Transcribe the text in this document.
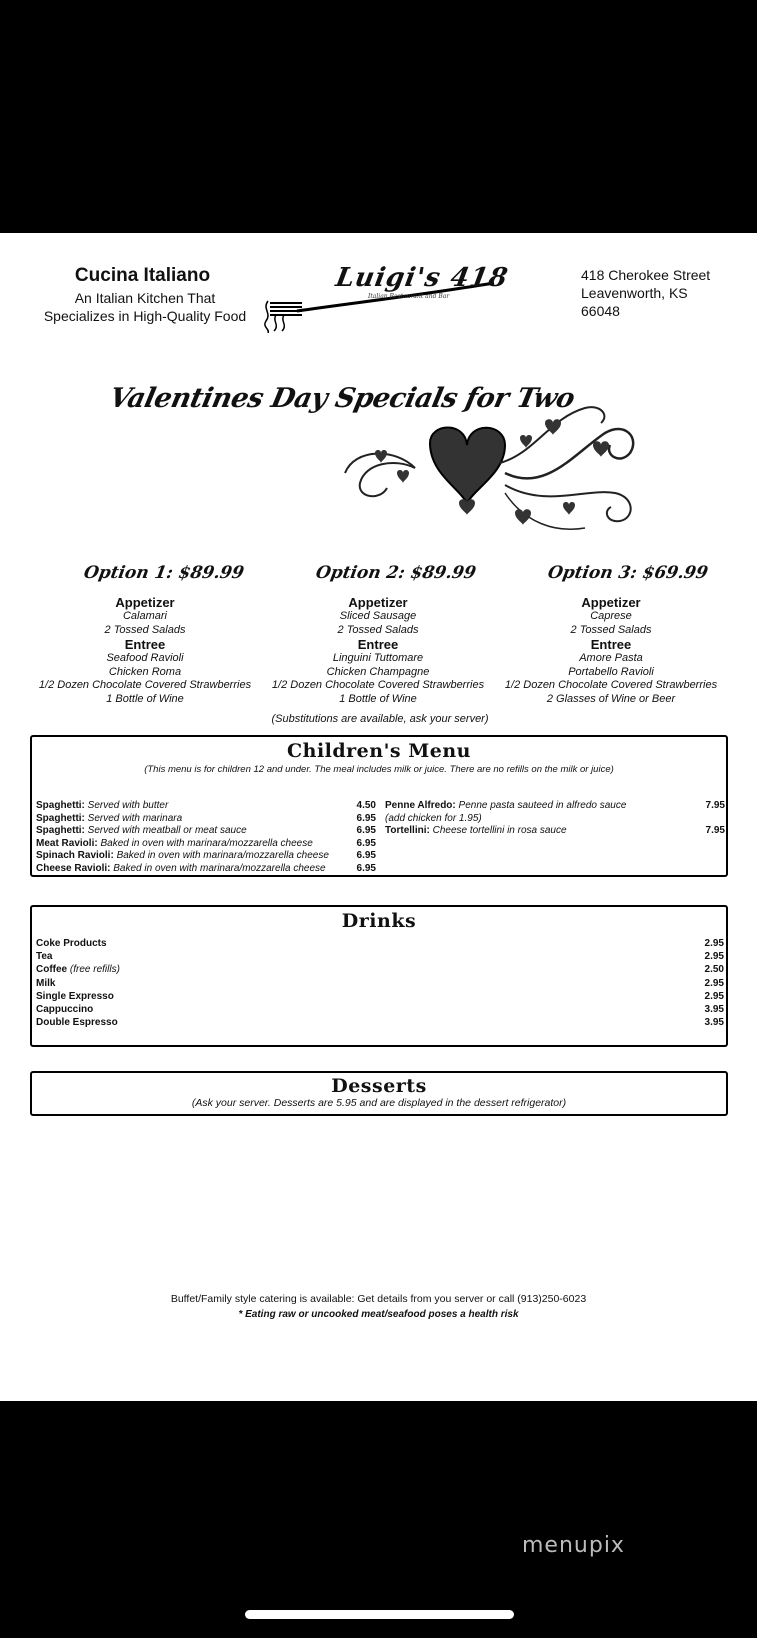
Cucina Italiano
An Italian Kitchen That
Specializes in High-Quality Food
Luigi's 418
Italian Restaurant and Bar
418 Cherokee Street
Leavenworth, KS
66048
Valentines Day Specials for Two
Option 1: $89.99	Option 2: $89.99	Option 3: $69.99
Appetizer
Calamari
2 Tossed Salads
Entree
Seafood Ravioli
Chicken Roma
1/2 Dozen Chocolate Covered Strawberries
1 Bottle of Wine
Appetizer
Sliced Sausage
2 Tossed Salads
Entree
Linguini Tuttomare
Chicken Champagne
1/2 Dozen Chocolate Covered Strawberries
1 Bottle of Wine
Appetizer
Caprese
2 Tossed Salads
Entree
Amore Pasta
Portabello Ravioli
1/2 Dozen Chocolate Covered Strawberries
2 Glasses of Wine or Beer
(Substitutions are available, ask your server)
Children's Menu
(This menu is for children 12 and under. The meal includes milk or juice. There are no refills on the milk or juice)
Spaghetti: Served with butter	4.50
Spaghetti: Served with marinara	6.95
Spaghetti: Served with meatball or meat sauce	6.95
Meat Ravioli: Baked in oven with marinara/mozzarella cheese	6.95
Spinach Ravioli: Baked in oven with marinara/mozzarella cheese	6.95
Cheese Ravioli: Baked in oven with marinara/mozzarella cheese	6.95
Penne Alfredo: Penne pasta sauteed in alfredo sauce	7.95
(add chicken for 1.95)
Tortellini: Cheese tortellini in rosa sauce	7.95
Drinks
Coke Products	2.95
Tea	2.95
Coffee (free refills)	2.50
Milk	2.95
Single Expresso	2.95
Cappuccino	3.95
Double Espresso	3.95
Desserts
(Ask your server. Desserts are 5.95 and are displayed in the dessert refrigerator)
Buffet/Family style catering is available: Get details from you server or call (913)250-6023
* Eating raw or uncooked meat/seafood poses a health risk
menupix
